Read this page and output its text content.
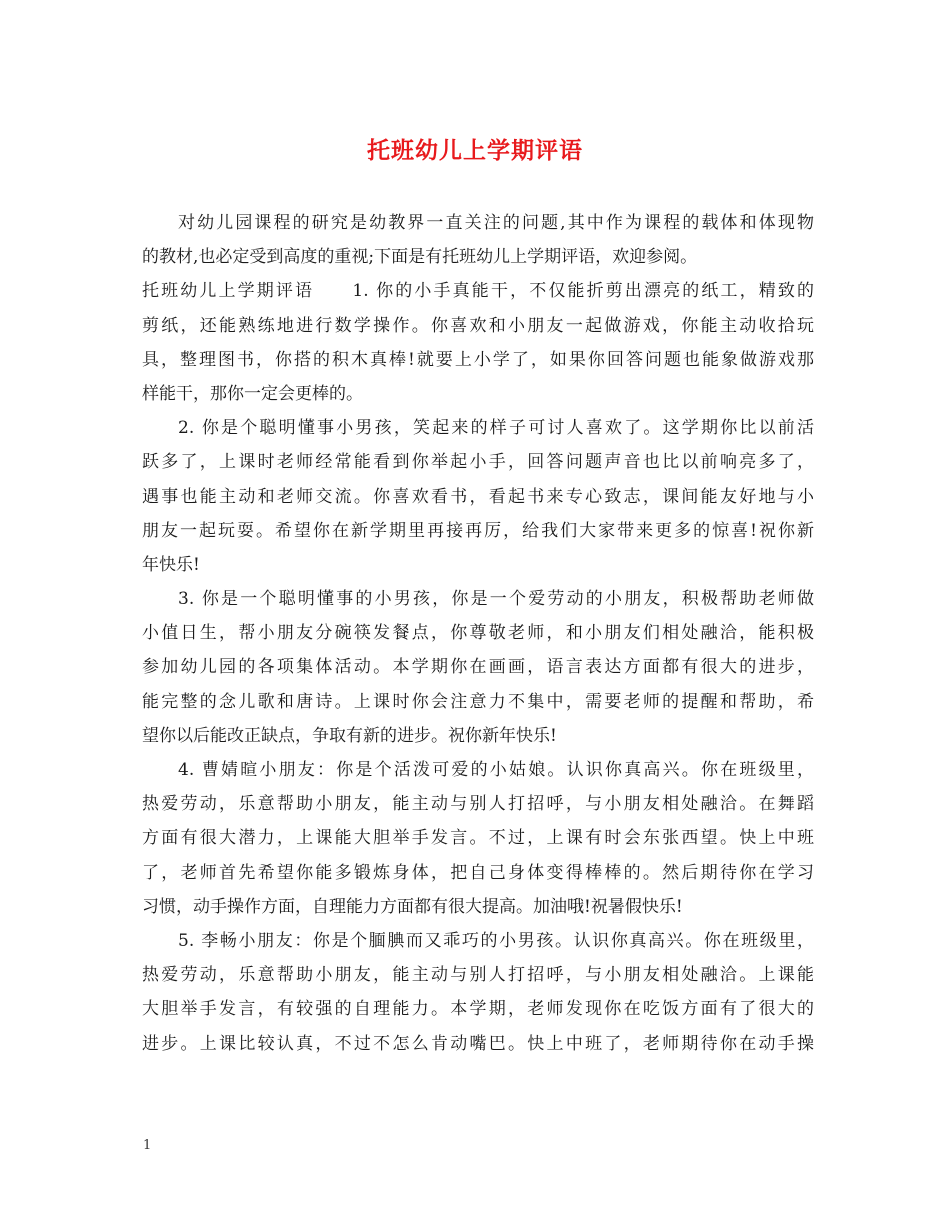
托班幼儿上学期评语
对幼儿园课程的研究是幼教界一直关注的问题,其中作为课程的载体和体现物
的教材,也必定受到高度的重视;下面是有托班幼儿上学期评语，欢迎参阅。
托班幼儿上学期评语　　1. 你的小手真能干，不仅能折剪出漂亮的纸工，精致的
剪纸，还能熟练地进行数学操作。你喜欢和小朋友一起做游戏，你能主动收拾玩
具，整理图书，你搭的积木真棒!就要上小学了，如果你回答问题也能象做游戏那
样能干，那你一定会更棒的。
2. 你是个聪明懂事小男孩，笑起来的样子可讨人喜欢了。这学期你比以前活
跃多了，上课时老师经常能看到你举起小手，回答问题声音也比以前响亮多了，
遇事也能主动和老师交流。你喜欢看书，看起书来专心致志，课间能友好地与小
朋友一起玩耍。希望你在新学期里再接再厉，给我们大家带来更多的惊喜!祝你新
年快乐!
3. 你是一个聪明懂事的小男孩，你是一个爱劳动的小朋友，积极帮助老师做
小值日生，帮小朋友分碗筷发餐点，你尊敬老师，和小朋友们相处融洽，能积极
参加幼儿园的各项集体活动。本学期你在画画，语言表达方面都有很大的进步，
能完整的念儿歌和唐诗。上课时你会注意力不集中，需要老师的提醒和帮助，希
望你以后能改正缺点，争取有新的进步。祝你新年快乐!
4. 曹婧暄小朋友：你是个活泼可爱的小姑娘。认识你真高兴。你在班级里，
热爱劳动，乐意帮助小朋友，能主动与别人打招呼，与小朋友相处融洽。在舞蹈
方面有很大潜力，上课能大胆举手发言。不过，上课有时会东张西望。快上中班
了，老师首先希望你能多锻炼身体，把自己身体变得棒棒的。然后期待你在学习
习惯，动手操作方面，自理能力方面都有很大提高。加油哦!祝暑假快乐!
5. 李畅小朋友：你是个腼腆而又乖巧的小男孩。认识你真高兴。你在班级里，
热爱劳动，乐意帮助小朋友，能主动与别人打招呼，与小朋友相处融洽。上课能
大胆举手发言，有较强的自理能力。本学期，老师发现你在吃饭方面有了很大的
进步。上课比较认真，不过不怎么肯动嘴巴。快上中班了，老师期待你在动手操
1
